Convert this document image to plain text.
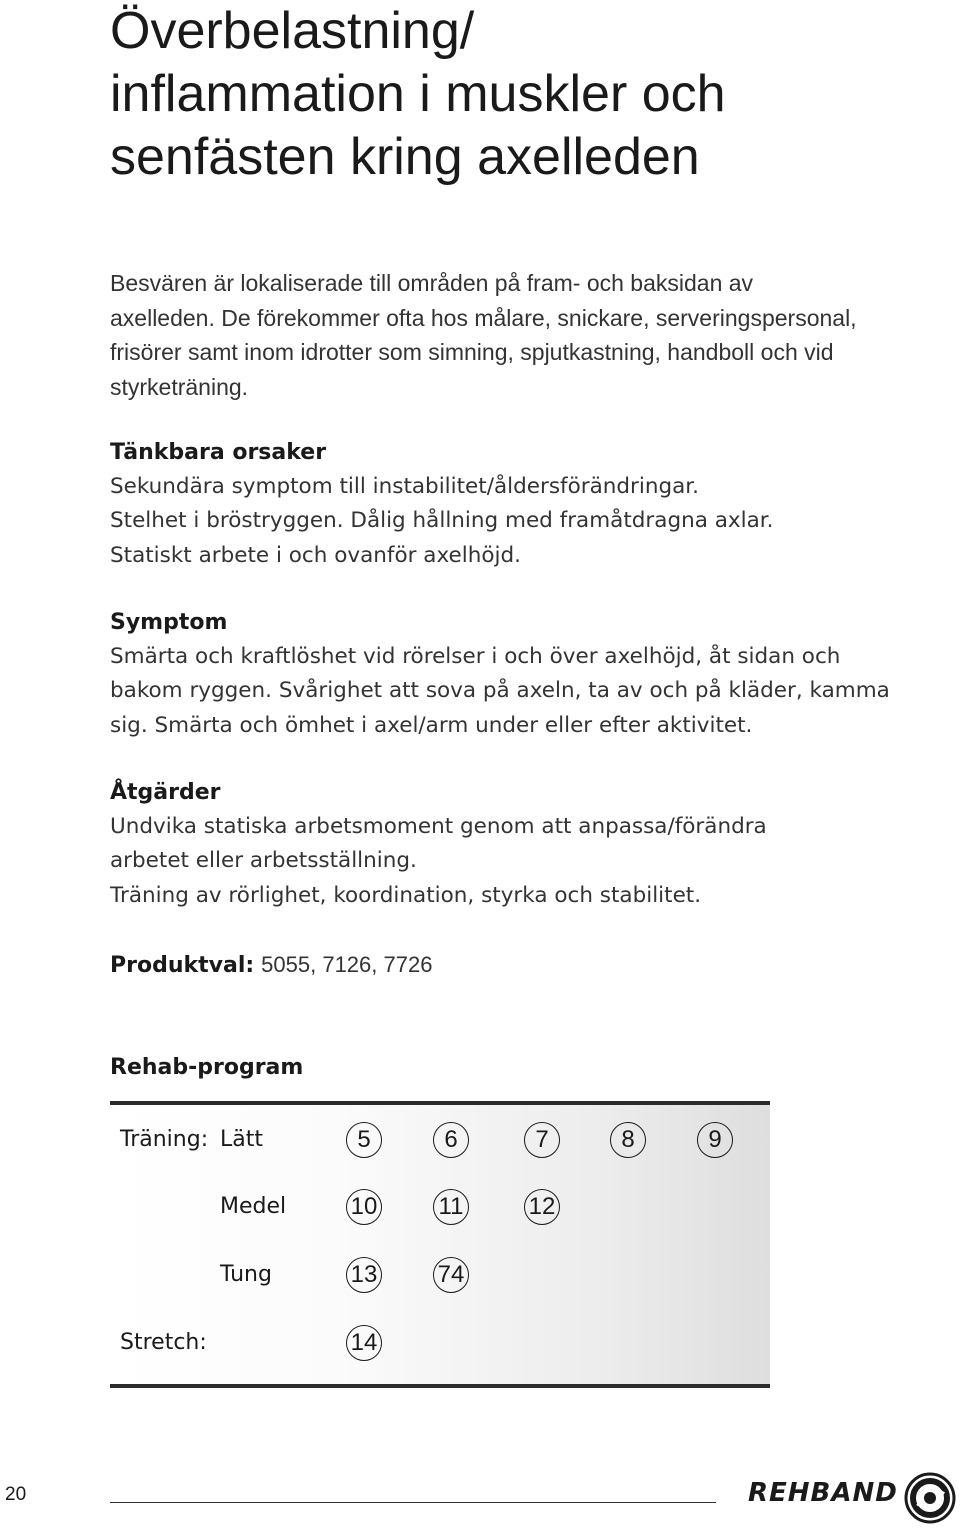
Överbelastning/
inflammation i muskler och
senfästen kring axelleden
Besvären är lokaliserade till områden på fram- och baksidan av
axelleden. De förekommer ofta hos målare, snickare, serveringspersonal,
frisörer samt inom idrotter som simning, spjutkastning, handboll och vid
styrketräning.
Tänkbara orsaker

Sekundära symptom till instabilitet/åldersförändringar.
Stelhet i bröstryggen. Dålig hållning med framåtdragna axlar.
Statiskt arbete i och ovanför axelhöjd.

Symptom

Smärta och kraftlöshet vid rörelser i och över axelhöjd, åt sidan och
bakom ryggen. Svårighet att sova på axeln, ta av och på kläder, kamma
sig. Smärta och ömhet i axel/arm under eller efter aktivitet.

Åtgärder

Undvika statiska arbetsmoment genom att anpassa/förändra
arbetet eller arbetsställning.
Träning av rörlighet, koordination, styrka och stabilitet.

Produktval: 5055, 7126, 7726
Rehab-program
Träning: Lätt	5	6	7	8	9
Medel	10	11	12
Tung	13	74
Stretch:	14
20	REHBAND
